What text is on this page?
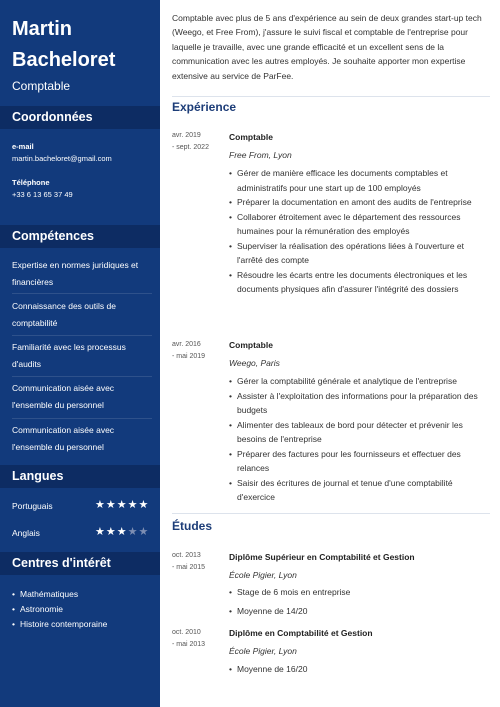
Martin Bacheloret
Comptable
Coordonnées
e-mail
martin.bacheloret@gmail.com
Téléphone
+33 6 13 65 37 49
Compétences
Expertise en normes juridiques et financières
Connaissance des outils de comptabilité
Familiarité avec les processus d'audits
Communication aisée avec l'ensemble du personnel
Communication aisée avec l'ensemble du personnel
Langues
Portuguais	★★★★★
Anglais	★★★★★
Centres d'intérêt
• Mathématiques
• Astronomie
• Histoire contemporaine

Comptable avec plus de 5 ans d'expérience au sein de deux grandes start-up tech (Weego, et Free From), j'assure le suivi fiscal et comptable de l'entreprise pour laquelle je travaille, avec une grande efficacité et un excellent sens de la communication avec les autres employés. Je souhaite apporter mon expertise extensive au service de ParFee.

Expérience
avr. 2019
- sept. 2022
Comptable
Free From, Lyon
• Gérer de manière efficace les documents comptables et administratifs pour une start up de 100 employés
• Préparer la documentation en amont des audits de l'entreprise
• Collaborer étroitement avec le département des ressources humaines pour la rémunération des employés
• Superviser la réalisation des opérations liées à l'ouverture et l'arrêté des compte
• Résoudre les écarts entre les documents électroniques et les documents physiques afin d'assurer l'intégrité des dossiers
avr. 2016
- mai 2019
Comptable
Weego, Paris
• Gérer la comptabilité générale et analytique de l'entreprise
• Assister à l'exploitation des informations pour la préparation des budgets
• Alimenter des tableaux de bord pour détecter et prévenir les besoins de l'entreprise
• Préparer des factures pour les fournisseurs et effectuer des relances
• Saisir des écritures de journal et tenue d'une comptabilité d'exercice
Études
oct. 2013
- mai 2015
Diplôme Supérieur en Comptabilité et Gestion
École Pigier, Lyon
• Stage de 6 mois en entreprise
• Moyenne de 14/20
oct. 2010
- mai 2013
Diplôme en Comptabilité et Gestion
École Pigier, Lyon
• Moyenne de 16/20
